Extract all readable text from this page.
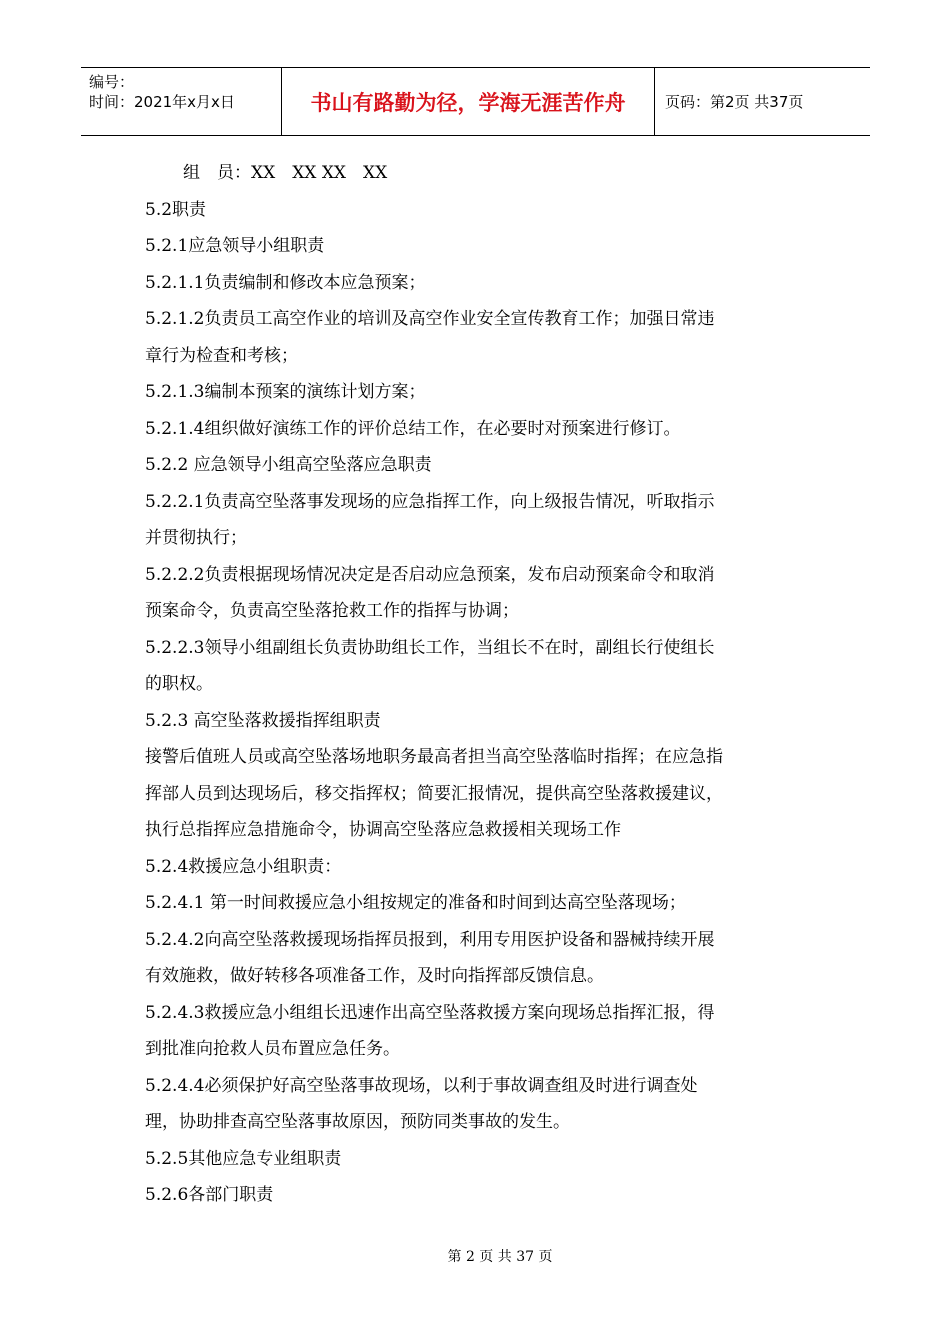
编号：
时间：2021年x月x日	书山有路勤为径，学海无涯苦作舟	页码：第2页 共37页

组　员：XX　XX XX　XX

5.2职责

5.2.1应急领导小组职责

5.2.1.1负责编制和修改本应急预案；

5.2.1.2负责员工高空作业的培训及高空作业安全宣传教育工作；加强日常违

章行为检查和考核；

5.2.1.3编制本预案的演练计划方案；

5.2.1.4组织做好演练工作的评价总结工作，在必要时对预案进行修订。

5.2.2 应急领导小组高空坠落应急职责

5.2.2.1负责高空坠落事发现场的应急指挥工作，向上级报告情况，听取指示

并贯彻执行；

5.2.2.2负责根据现场情况决定是否启动应急预案，发布启动预案命令和取消

预案命令，负责高空坠落抢救工作的指挥与协调；

5.2.2.3领导小组副组长负责协助组长工作，当组长不在时，副组长行使组长

的职权。

5.2.3 高空坠落救援指挥组职责

接警后值班人员或高空坠落场地职务最高者担当高空坠落临时指挥；在应急指

挥部人员到达现场后，移交指挥权；简要汇报情况，提供高空坠落救援建议，

执行总指挥应急措施命令，协调高空坠落应急救援相关现场工作

5.2.4救援应急小组职责：

5.2.4.1 第一时间救援应急小组按规定的准备和时间到达高空坠落现场；

5.2.4.2向高空坠落救援现场指挥员报到，利用专用医护设备和器械持续开展

有效施救，做好转移各项准备工作，及时向指挥部反馈信息。

5.2.4.3救援应急小组组长迅速作出高空坠落救援方案向现场总指挥汇报，得

到批准向抢救人员布置应急任务。

5.2.4.4必须保护好高空坠落事故现场，以利于事故调查组及时进行调查处

理，协助排查高空坠落事故原因，预防同类事故的发生。

5.2.5其他应急专业组职责

5.2.6各部门职责

第 2 页 共 37 页
